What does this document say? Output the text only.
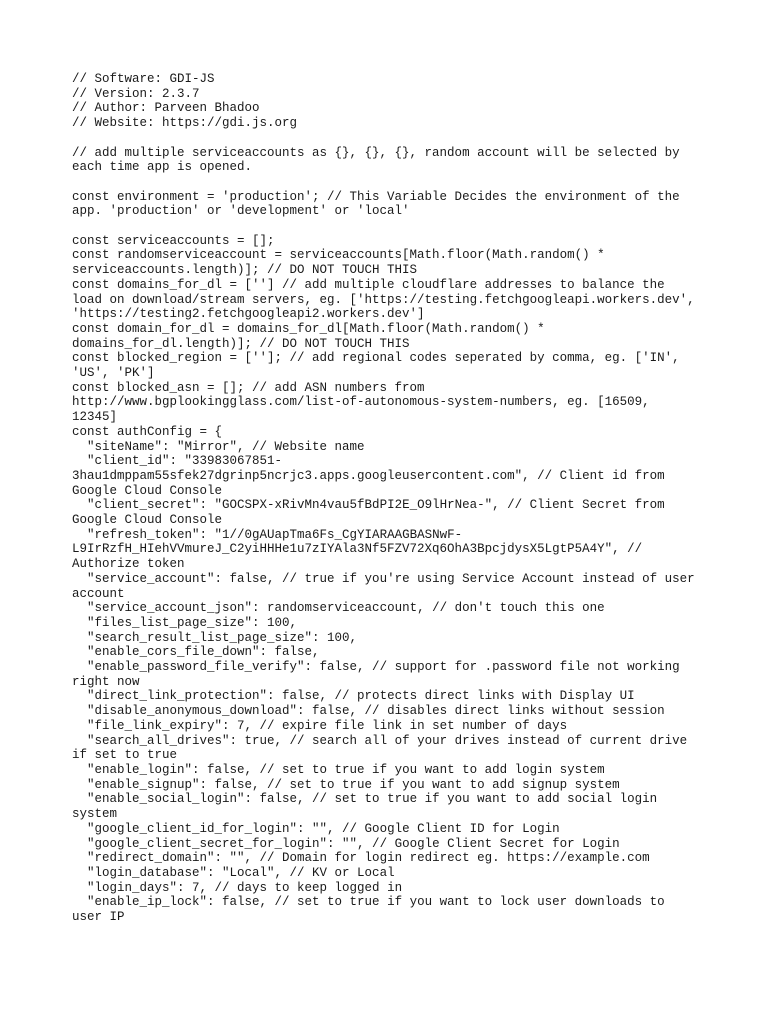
// Software: GDI-JS
// Version: 2.3.7
// Author: Parveen Bhadoo
// Website: https://gdi.js.org
// add multiple serviceaccounts as {}, {}, {}, random account will be selected by each time app is opened.
const environment = 'production'; // This Variable Decides the environment of the app. 'production' or 'development' or 'local'
const serviceaccounts = [];
const randomserviceaccount = serviceaccounts[Math.floor(Math.random() * serviceaccounts.length)]; // DO NOT TOUCH THIS
const domains_for_dl = [''] // add multiple cloudflare addresses to balance the load on download/stream servers, eg. ['https://testing.fetchgoogleapi.workers.dev', 'https://testing2.fetchgoogleapi2.workers.dev']
const domain_for_dl = domains_for_dl[Math.floor(Math.random() * domains_for_dl.length)]; // DO NOT TOUCH THIS
const blocked_region = ['']; // add regional codes seperated by comma, eg. ['IN', 'US', 'PK']
const blocked_asn = []; // add ASN numbers from http://www.bgplookingglass.com/list-of-autonomous-system-numbers, eg. [16509, 12345]
const authConfig = {
"siteName": "Mirror", // Website name
"client_id": "33983067851-3hau1dmppam55sfek27dgrinp5ncrjc3.apps.googleusercontent.com", // Client id from Google Cloud Console
"client_secret": "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", // Client Secret from Google Cloud Console
"refresh_token": "1//0gAUapTma6Fs_CgYIARAAGBASNwF-L9IrRzfH_HIehVVmureJ_C2yiHHHe1u7zIYAla3Nf5FZV72Xq6OhA3BpcjdysX5LgtP5A4Y", // Authorize token
"service_account": false, // true if you're using Service Account instead of user account
"service_account_json": randomserviceaccount, // don't touch this one
"files_list_page_size": 100,
"search_result_list_page_size": 100,
"enable_cors_file_down": false,
"enable_password_file_verify": false, // support for .password file not working right now
"direct_link_protection": false, // protects direct links with Display UI
"disable_anonymous_download": false, // disables direct links without session
"file_link_expiry": 7, // expire file link in set number of days
"search_all_drives": true, // search all of your drives instead of current drive if set to true
"enable_login": false, // set to true if you want to add login system
"enable_signup": false, // set to true if you want to add signup system
"enable_social_login": false, // set to true if you want to add social login system
"google_client_id_for_login": "", // Google Client ID for Login
"google_client_secret_for_login": "", // Google Client Secret for Login
"redirect_domain": "", // Domain for login redirect eg. https://example.com
"login_database": "Local", // KV or Local
"login_days": 7, // days to keep logged in
"enable_ip_lock": false, // set to true if you want to lock user downloads to user IP
